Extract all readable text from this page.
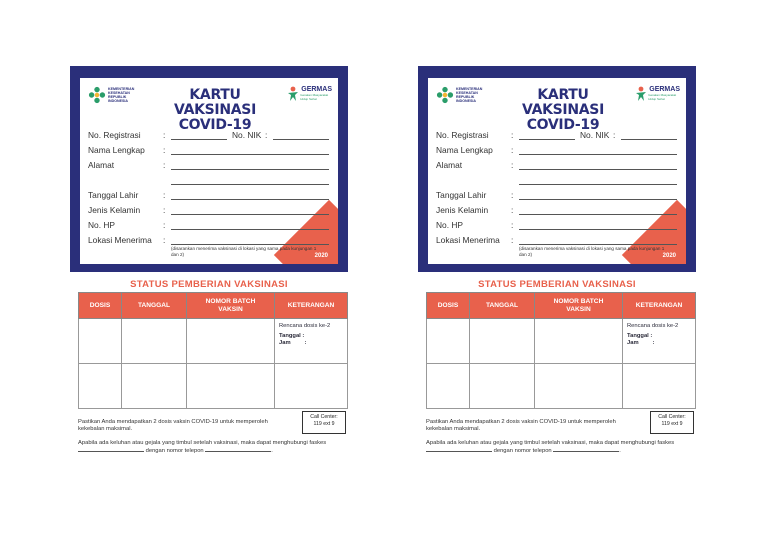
2020
KEMENTERIAN KESEHATAN REPUBLIK INDONESIA	KARTU VAKSINASI
COVID-19
GERMAS
Gerakan Masyarakat Hidup Sehat
No. Registrasi	:	No. NIK :
Nama Lengkap :
Alamat	:
Tanggal Lahir	:
Jenis Kelamin	:
No. HP	:
Lokasi Menerima :
(disarankan menerima vaksinasi di lokasi yang sama pada kunjungan 1 dan 2)
STATUS PEMBERIAN VAKSINASI
DOSIS	TANGGAL	NOMOR BATCH VAKSIN	KETERANGAN

			Rencana dosis ke-2
Tanggal :
Jam :

Pastikan Anda mendapatkan 2 dosis vaksin COVID-19 untuk memperoleh kekebalan maksimal.
Call Center:
119 ext 9
Apabila ada keluhan atau gejala yang timbul setelah vaksinasi, maka dapat menghubungi faskes  dengan nomor telepon	.
2020
KEMENTERIAN KESEHATAN REPUBLIK INDONESIA	KARTU VAKSINASI
COVID-19
GERMAS
Gerakan Masyarakat Hidup Sehat
No. Registrasi	:	No. NIK :
Nama Lengkap :
Alamat	:
Tanggal Lahir	:
Jenis Kelamin	:
No. HP	:
Lokasi Menerima :
(disarankan menerima vaksinasi di lokasi yang sama pada kunjungan 1 dan 2)
STATUS PEMBERIAN VAKSINASI
DOSIS	TANGGAL	NOMOR BATCH VAKSIN	KETERANGAN

			Rencana dosis ke-2
Tanggal :
Jam :

Pastikan Anda mendapatkan 2 dosis vaksin COVID-19 untuk memperoleh kekebalan maksimal.
Call Center:
119 ext 9
Apabila ada keluhan atau gejala yang timbul setelah vaksinasi, maka dapat menghubungi faskes  dengan nomor telepon	.
